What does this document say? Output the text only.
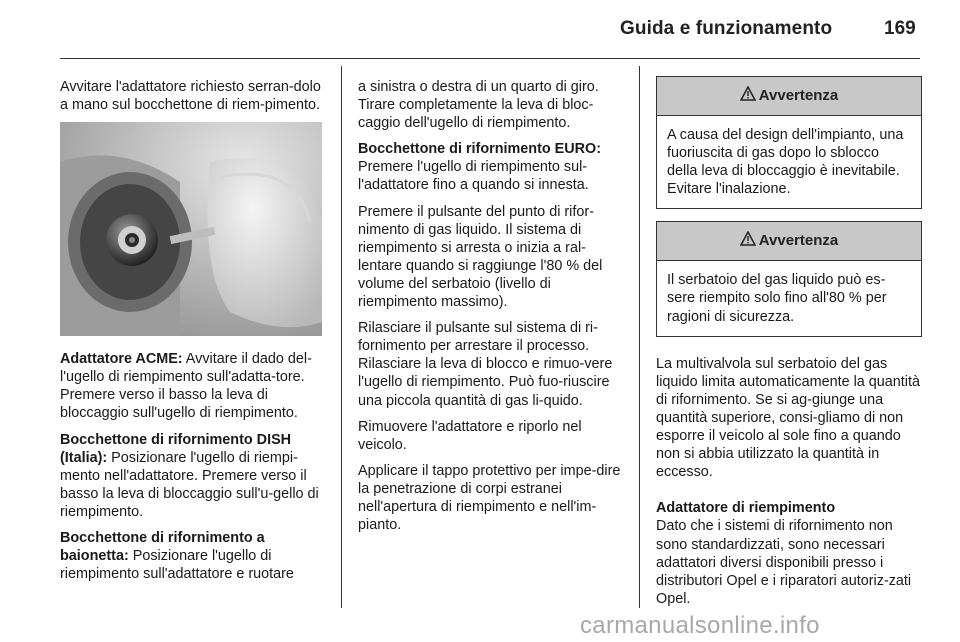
Guida e funzionamento	169

Avvitare l'adattatore richiesto serran-dolo a mano sul bocchettone di riem-pimento.

Adattatore ACME: Avvitare il dado del-l'ugello di riempimento sull'adatta-tore. Premere verso il basso la leva di bloccaggio sull'ugello di riempimento.

Bocchettone di rifornimento DISH (Italia): Posizionare l'ugello di riempi-mento nell'adattatore. Premere verso il basso la leva di bloccaggio sull'u-gello di riempimento.

Bocchettone di rifornimento a baionetta: Posizionare l'ugello di riempimento sull'adattatore e ruotare

a sinistra o destra di un quarto di giro. Tirare completamente la leva di bloc-caggio dell'ugello di riempimento.

Bocchettone di rifornimento EURO: Premere l'ugello di riempimento sul-l'adattatore fino a quando si innesta.

Premere il pulsante del punto di rifor-nimento di gas liquido. Il sistema di riempimento si arresta o inizia a ral-lentare quando si raggiunge l'80 % del volume del serbatoio (livello di riempimento massimo).

Rilasciare il pulsante sul sistema di ri-fornimento per arrestare il processo. Rilasciare la leva di blocco e rimuo-vere l'ugello di riempimento. Può fuo-riuscire una piccola quantità di gas li-quido.

Rimuovere l'adattatore e riporlo nel veicolo.

Applicare il tappo protettivo per impe-dire la penetrazione di corpi estranei nell'apertura di riempimento e nell'im-pianto.

Avvertenza
A causa del design dell'impianto, una fuoriuscita di gas dopo lo sblocco della leva di bloccaggio è inevitabile. Evitare l'inalazione.
Avvertenza
Il serbatoio del gas liquido può es-sere riempito solo fino all'80 % per ragioni di sicurezza.

La multivalvola sul serbatoio del gas liquido limita automaticamente la quantità di rifornimento. Se si ag-giunge una quantità superiore, consi-gliamo di non esporre il veicolo al sole fino a quando non si abbia utilizzato la quantità in eccesso.

Adattatore di riempimento

Dato che i sistemi di rifornimento non sono standardizzati, sono necessari adattatori diversi disponibili presso i distributori Opel e i riparatori autoriz-zati Opel.

carmanualsonline.info
